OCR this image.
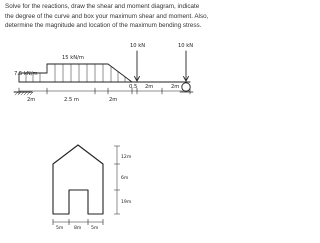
Solve for the reactions, draw the shear and moment diagram, indicate
the degree of the curve and box your maximum shear and moment. Also,
determine the magnitude and location of the maximum bending stress.
7.5 kN/m
15 kN/m
10 kN	10 kN
2m	2.5 m	2m
0.5 2m	2m
12m
6m
19m
5m 8m 5m
